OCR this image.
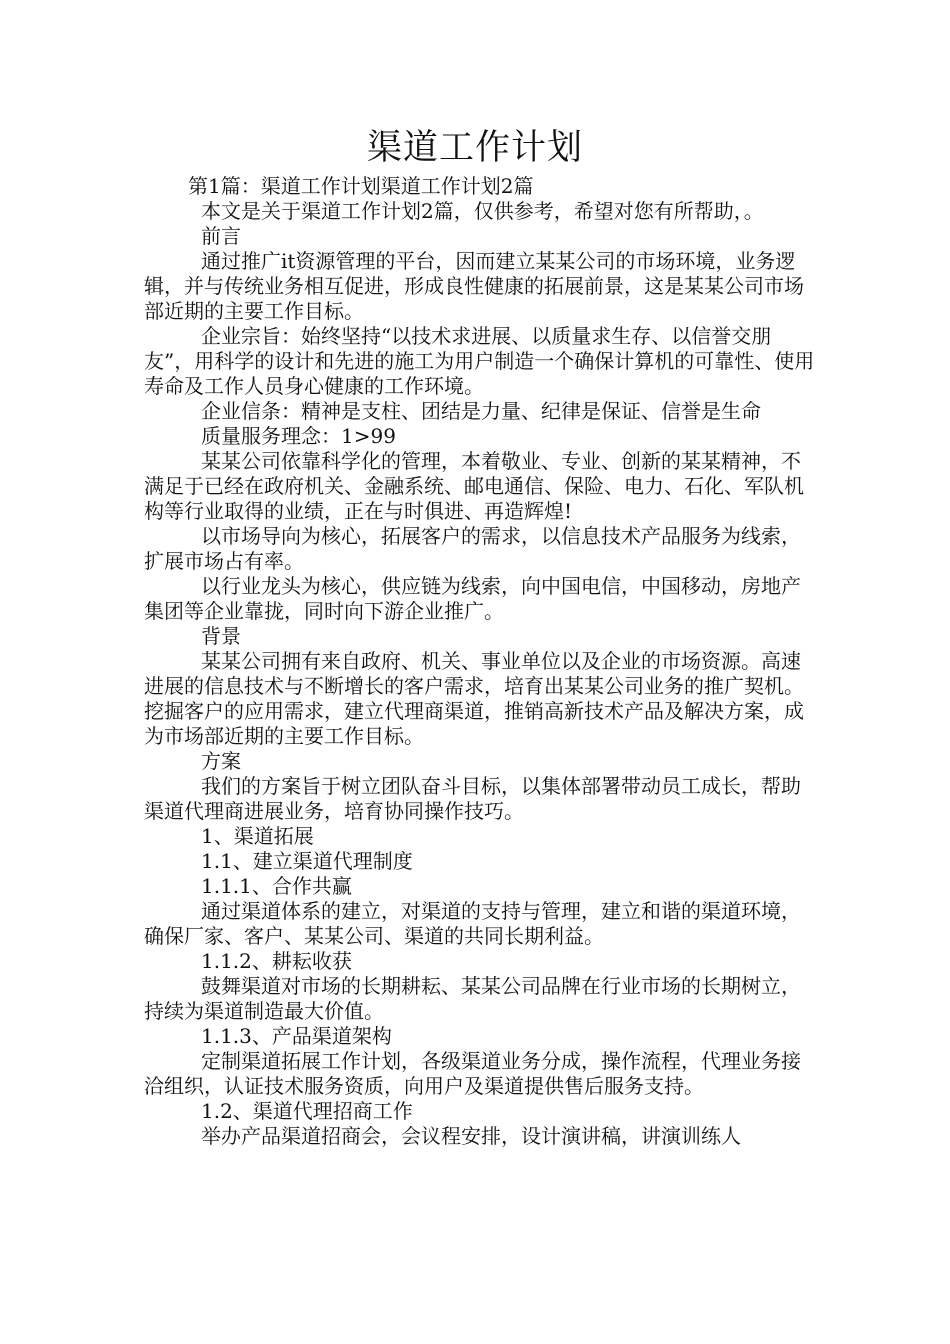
渠道工作计划

第1篇：渠道工作计划渠道工作计划2篇

本文是关于渠道工作计划2篇，仅供参考，希望对您有所帮助，。

前言

通过推广it资源管理的平台，因而建立某某公司的市场环境，业务逻辑，并与传统业务相互促进，形成良性健康的拓展前景，这是某某公司市场部近期的主要工作目标。

企业宗旨：始终坚持“以技术求进展、以质量求生存、以信誉交朋友”，用科学的设计和先进的施工为用户制造一个确保计算机的可靠性、使用寿命及工作人员身心健康的工作环境。

企业信条：精神是支柱、团结是力量、纪律是保证、信誉是生命

质量服务理念：1>99

某某公司依靠科学化的管理，本着敬业、专业、创新的某某精神，不满足于已经在政府机关、金融系统、邮电通信、保险、电力、石化、军队机构等行业取得的业绩，正在与时俱进、再造辉煌!

以市场导向为核心，拓展客户的需求，以信息技术产品服务为线索，扩展市场占有率。

以行业龙头为核心，供应链为线索，向中国电信，中国移动，房地产集团等企业靠拢，同时向下游企业推广。

背景

某某公司拥有来自政府、机关、事业单位以及企业的市场资源。高速进展的信息技术与不断增长的客户需求，培育出某某公司业务的推广契机。挖掘客户的应用需求，建立代理商渠道，推销高新技术产品及解决方案，成为市场部近期的主要工作目标。

方案

我们的方案旨于树立团队奋斗目标，以集体部署带动员工成长，帮助渠道代理商进展业务，培育协同操作技巧。

1、渠道拓展

1.1、建立渠道代理制度

1.1.1、合作共赢

通过渠道体系的建立，对渠道的支持与管理，建立和谐的渠道环境，确保厂家、客户、某某公司、渠道的共同长期利益。

1.1.2、耕耘收获

鼓舞渠道对市场的长期耕耘、某某公司品牌在行业市场的长期树立，持续为渠道制造最大价值。

1.1.3、产品渠道架构

定制渠道拓展工作计划，各级渠道业务分成，操作流程，代理业务接洽组织，认证技术服务资质，向用户及渠道提供售后服务支持。

1.2、渠道代理招商工作

举办产品渠道招商会，会议程安排，设计演讲稿，讲演训练人
